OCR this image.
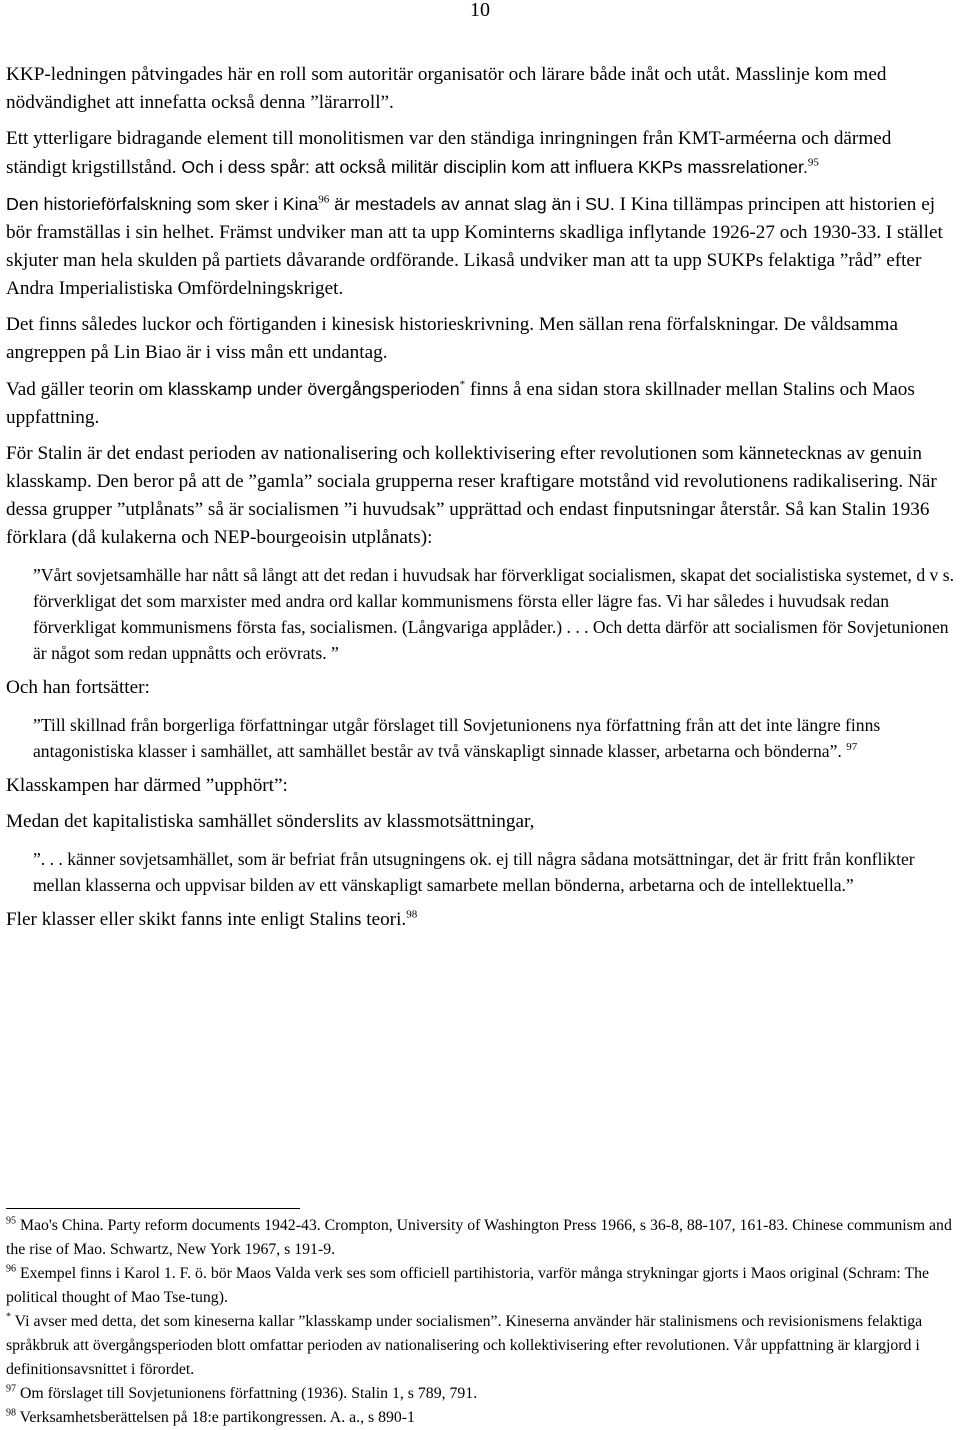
10

KKP-ledningen påtvingades här en roll som autoritär organisatör och lärare både inåt och utåt. Masslinje kom med nödvändighet att innefatta också denna ”lärarroll”.

Ett ytterligare bidragande element till monolitismen var den ständiga inringningen från KMT-arméerna och därmed ständigt krigstillstånd. Och i dess spår: att också militär disciplin kom att influera KKPs massrelationer.$^{95}$

Den historieförfalskning som sker i Kina$^{96}$ är mestadels av annat slag än i SU. I Kina tillämpas principen att historien ej bör framställas i sin helhet. Främst undviker man att ta upp Kominterns skadliga inflytande 1926-27 och 1930-33. I stället skjuter man hela skulden på partiets dåvarande ordförande. Likaså undviker man att ta upp SUKPs felaktiga ”råd” efter Andra Imperialistiska Omfördelningskriget.

Det finns således luckor och förtiganden i kinesisk historieskrivning. Men sällan rena förfalskningar. De våldsamma angreppen på Lin Biao är i viss mån ett undantag.

Vad gäller teorin om klasskamp under övergångsperioden* finns å ena sidan stora skillnader mellan Stalins och Maos uppfattning.

För Stalin är det endast perioden av nationalisering och kollektivisering efter revolutionen som kännetecknas av genuin klasskamp. Den beror på att de ”gamla” sociala grupperna reser kraftigare motstånd vid revolutionens radikalisering. När dessa grupper ”utplånats” så är socialismen ”i huvudsak” upprättad och endast finputsningar återstår. Så kan Stalin 1936 förklara (då kulakerna och NEP-bourgeoisin utplånats):

”Vårt sovjetsamhälle har nått så långt att det redan i huvudsak har förverkligat socialismen, skapat det socialistiska systemet, d v s. förverkligat det som marxister med andra ord kallar kommunismens första eller lägre fas. Vi har således i huvudsak redan förverkligat kommunismens första fas, socialismen. (Långvariga applåder.) . . . Och detta därför att socialismen för Sovjetunionen är något som redan uppnåtts och erövrats. ”

Och han fortsätter:

”Till skillnad från borgerliga författningar utgår förslaget till Sovjetunionens nya författning från att det inte längre finns antagonistiska klasser i samhället, att samhället består av två vänskapligt sinnade klasser, arbetarna och bönderna”. $^{97}$

Klasskampen har därmed ”upphört”:

Medan det kapitalistiska samhället sönderslits av klassmotsättningar,

”. . . känner sovjetsamhället, som är befriat från utsugningens ok. ej till några sådana motsättningar, det är fritt från konflikter mellan klasserna och uppvisar bilden av ett vänskapligt samarbete mellan bönderna, arbetarna och de intellektuella.”

Fler klasser eller skikt fanns inte enligt Stalins teori.$^{98}$

$^{95}$ Mao's China. Party reform documents 1942-43. Crompton, University of Washington Press 1966, s 36-8, 88-107, 161-83. Chinese communism and the rise of Mao. Schwartz, New York 1967, s 191-9.

$^{96}$ Exempel finns i Karol 1. F. ö. bör Maos Valda verk ses som officiell partihistoria, varför många strykningar gjorts i Maos original (Schram: The political thought of Mao Tse-tung).

* Vi avser med detta, det som kineserna kallar ”klasskamp under socialismen”. Kineserna använder här stalinismens och revisionismens felaktiga språkbruk att övergångsperioden blott omfattar perioden av nationalisering och kollektivisering efter revolutionen. Vår uppfattning är klargjord i definitionsavsnittet i förordet.

$^{97}$ Om förslaget till Sovjetunionens författning (1936). Stalin 1, s 789, 791.

$^{98}$ Verksamhetsberättelsen på 18:e partikongressen. A. a., s 890-1
